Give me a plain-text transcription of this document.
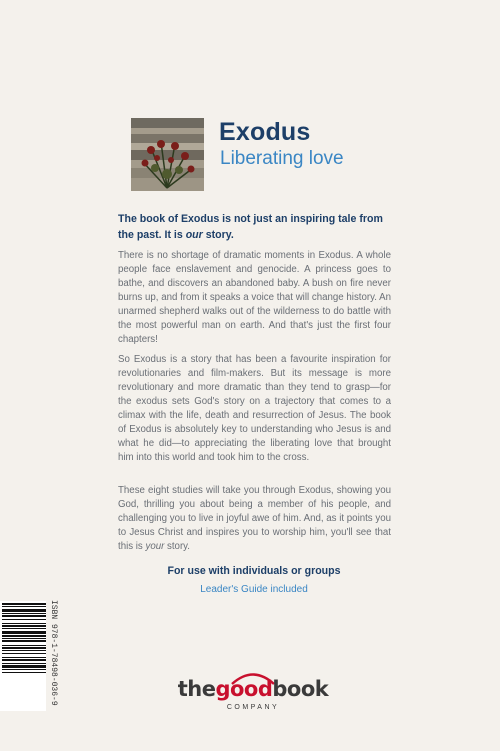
Exodus
Liberating love
The book of Exodus is not just an inspiring tale from the past. It is our story.

There is no shortage of dramatic moments in Exodus. A whole people face enslavement and genocide. A princess goes to bathe, and discovers an abandoned baby. A bush on fire never burns up, and from it speaks a voice that will change history. An unarmed shepherd walks out of the wilderness to do battle with the most powerful man on earth. And that's just the first four chapters!

So Exodus is a story that has been a favourite inspiration for revolutionaries and film-makers. But its message is more revolutionary and more dramatic than they tend to grasp—for the exodus sets God's story on a trajectory that comes to a climax with the life, death and resurrection of Jesus. The book of Exodus is absolutely key to understanding who Jesus is and what he did—to appreciating the liberating love that brought him into this world and took him to the cross.

These eight studies will take you through Exodus, showing you God, thrilling you about being a member of his people, and challenging you to live in joyful awe of him. And, as it points you to Jesus Christ and inspires you to worship him, you'll see that this is your story.

For use with individuals or groups
Leader's Guide included
ISBN 978-1-78498-036-9	thegoodbook
COMPANY
